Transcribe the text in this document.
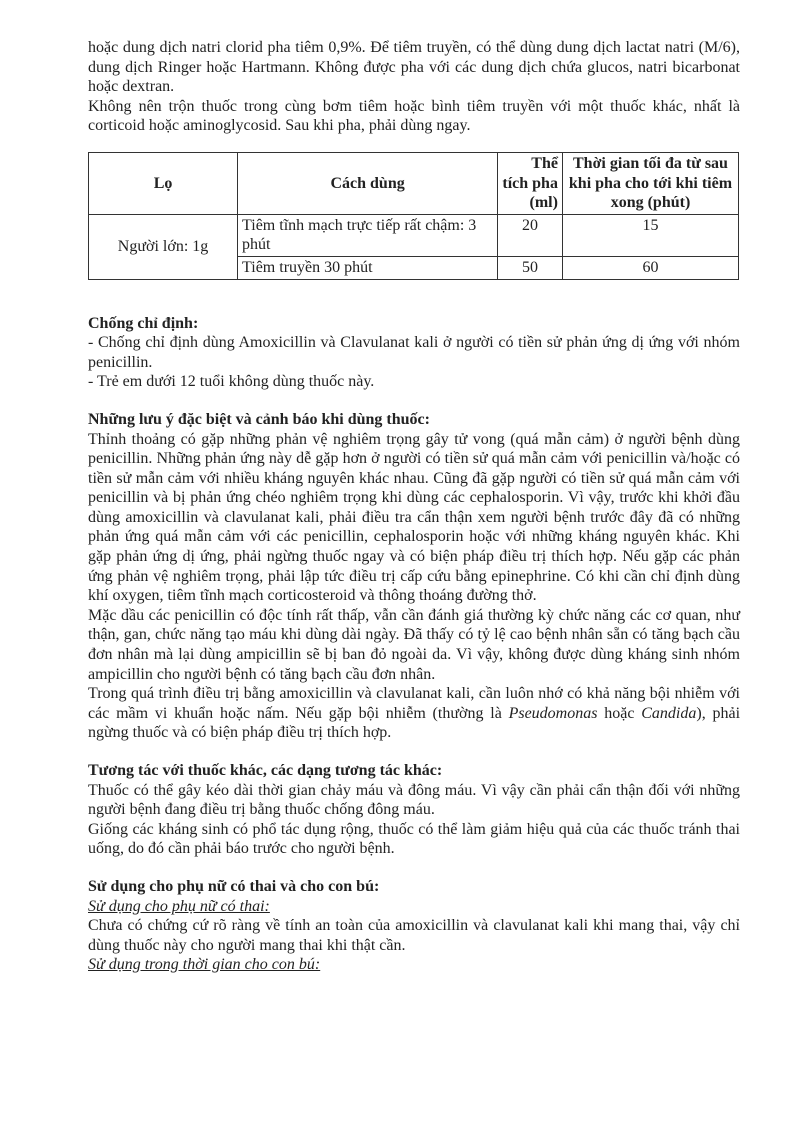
hoặc dung dịch natri clorid pha tiêm 0,9%. Để tiêm truyền, có thể dùng dung dịch lactat natri (M/6), dung dịch Ringer hoặc Hartmann. Không được pha với các dung dịch chứa glucos, natri bicarbonat hoặc dextran.

Không nên trộn thuốc trong cùng bơm tiêm hoặc bình tiêm truyền với một thuốc khác, nhất là corticoid hoặc aminoglycosid. Sau khi pha, phải dùng ngay.

Lọ	Cách dùng	Thể tích pha (ml)	Thời gian tối đa từ sau khi pha cho tới khi tiêm xong (phút)
Người lớn: 1g	Tiêm tĩnh mạch trực tiếp rất chậm: 3 phút	20	15
	Tiêm truyền 30 phút	50	60

Chống chỉ định:

- Chống chỉ định dùng Amoxicillin và Clavulanat kali ở người có tiền sử phản ứng dị ứng với nhóm penicillin.

- Trẻ em dưới 12 tuổi không dùng thuốc này.

Những lưu ý đặc biệt và cảnh báo khi dùng thuốc:

Thỉnh thoảng có gặp những phản vệ nghiêm trọng gây tử vong (quá mẫn cảm) ở người bệnh dùng penicillin. Những phản ứng này dễ gặp hơn ở người có tiền sử quá mẫn cảm với penicillin và/hoặc có tiền sử mẫn cảm với nhiều kháng nguyên khác nhau. Cũng đã gặp người có tiền sử quá mẫn cảm với penicillin và bị phản ứng chéo nghiêm trọng khi dùng các cephalosporin. Vì vậy, trước khi khởi đầu dùng amoxicillin và clavulanat kali, phải điều tra cẩn thận xem người bệnh trước đây đã có những phản ứng quá mẫn cảm với các penicillin, cephalosporin hoặc với những kháng nguyên khác. Khi gặp phản ứng dị ứng, phải ngừng thuốc ngay và có biện pháp điều trị thích hợp. Nếu gặp các phản ứng phản vệ nghiêm trọng, phải lập tức điều trị cấp cứu bằng epinephrine. Có khi cần chỉ định dùng khí oxygen, tiêm tĩnh mạch corticosteroid và thông thoáng đường thở.

Mặc dầu các penicillin có độc tính rất thấp, vẫn cần đánh giá thường kỳ chức năng các cơ quan, như thận, gan, chức năng tạo máu khi dùng dài ngày. Đã thấy có tỷ lệ cao bệnh nhân sẵn có tăng bạch cầu đơn nhân mà lại dùng ampicillin sẽ bị ban đỏ ngoài da. Vì vậy, không được dùng kháng sinh nhóm ampicillin cho người bệnh có tăng bạch cầu đơn nhân.

Trong quá trình điều trị bằng amoxicillin và clavulanat kali, cần luôn nhớ có khả năng bội nhiễm với các mầm vi khuẩn hoặc nấm. Nếu gặp bội nhiễm (thường là Pseudomonas hoặc Candida), phải ngừng thuốc và có biện pháp điều trị thích hợp.

Tương tác với thuốc khác, các dạng tương tác khác:

Thuốc có thể gây kéo dài thời gian chảy máu và đông máu. Vì vậy cần phải cẩn thận đối với những người bệnh đang điều trị bằng thuốc chống đông máu.

Giống các kháng sinh có phổ tác dụng rộng, thuốc có thể làm giảm hiệu quả của các thuốc tránh thai uống, do đó cần phải báo trước cho người bệnh.

Sử dụng cho phụ nữ có thai và cho con bú:

Sử dụng cho phụ nữ có thai:

Chưa có chứng cứ rõ ràng về tính an toàn của amoxicillin và clavulanat kali khi mang thai, vậy chỉ dùng thuốc này cho người mang thai khi thật cần.

Sử dụng trong thời gian cho con bú:
